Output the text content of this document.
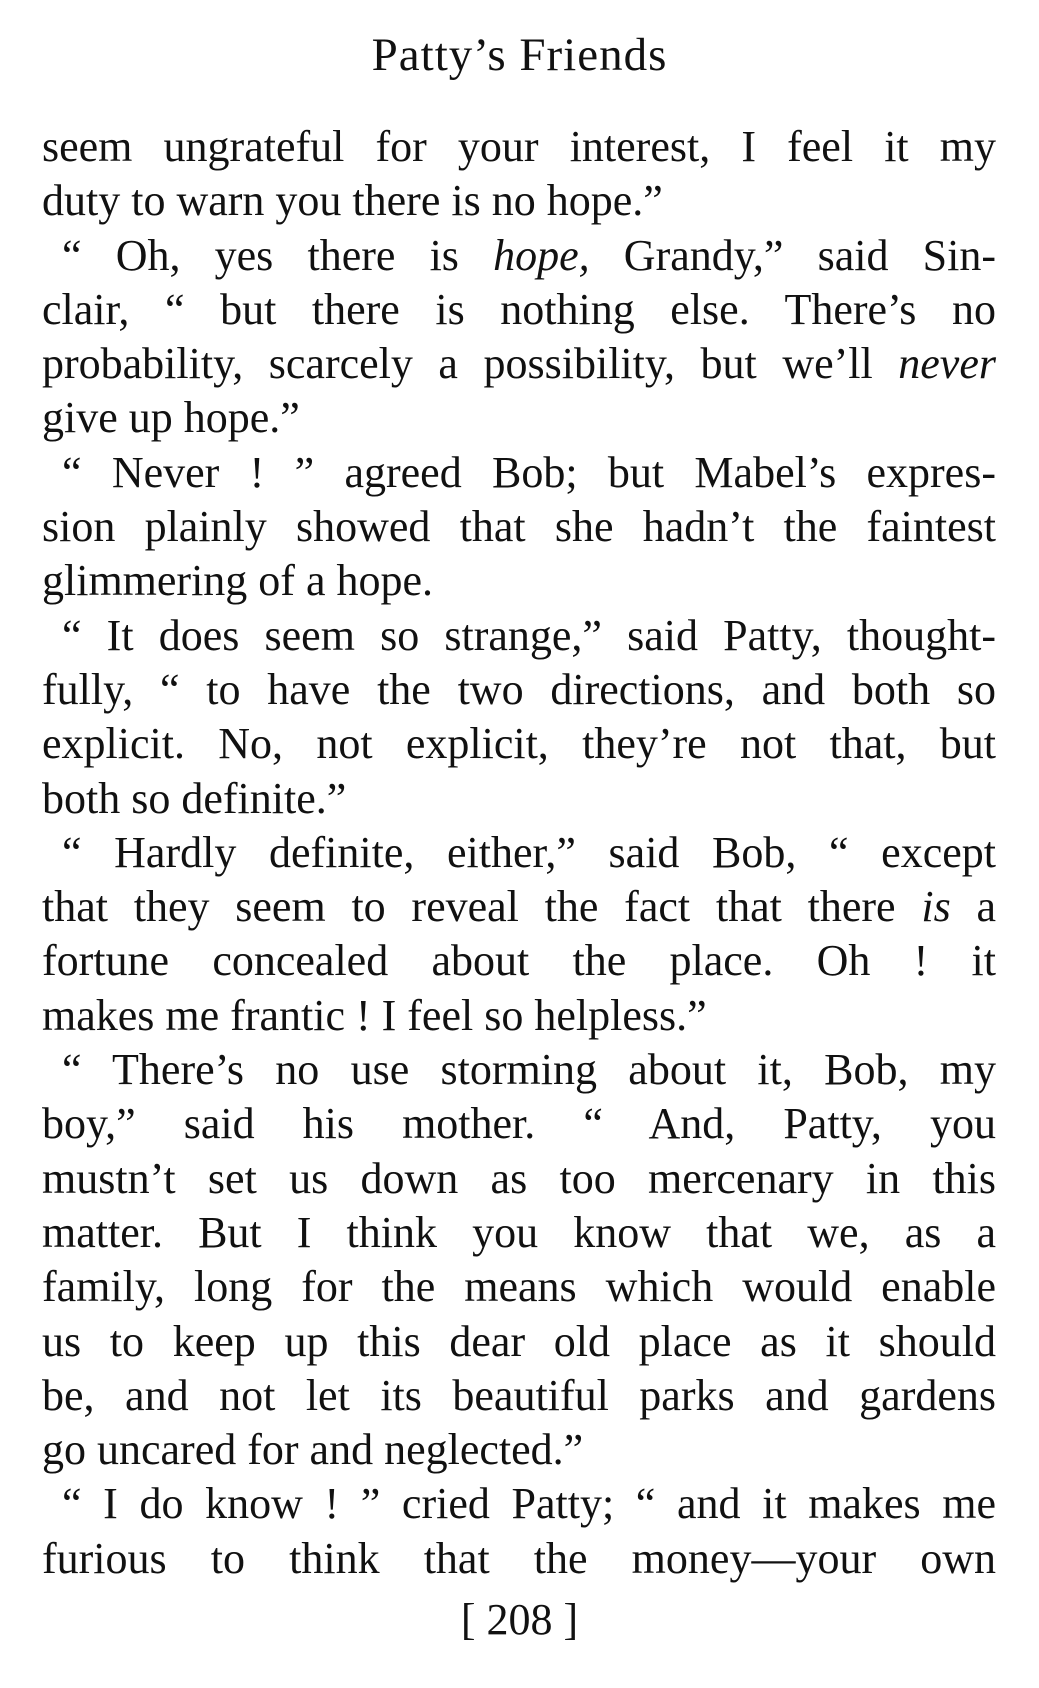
Patty’s Friends
seem ungrateful for your interest, I feel it my
duty to warn you there is no hope.”
“ Oh, yes there is hope, Grandy,” said Sin-
clair, “ but there is nothing else. There’s no
probability, scarcely a possibility, but we’ll never
give up hope.”
“ Never ! ” agreed Bob; but Mabel’s expres-
sion plainly showed that she hadn’t the faintest
glimmering of a hope.
“ It does seem so strange,” said Patty, thought-
fully, “ to have the two directions, and both so
explicit. No, not explicit, they’re not that, but
both so definite.”
“ Hardly definite, either,” said Bob, “ except
that they seem to reveal the fact that there is a
fortune concealed about the place. Oh ! it
makes me frantic ! I feel so helpless.”
“ There’s no use storming about it, Bob, my
boy,” said his mother. “ And, Patty, you
mustn’t set us down as too mercenary in this
matter. But I think you know that we, as a
family, long for the means which would enable
us to keep up this dear old place as it should
be, and not let its beautiful parks and gardens
go uncared for and neglected.”
“ I do know ! ” cried Patty; “ and it makes me
furious to think that the money—your own
[ 208 ]
